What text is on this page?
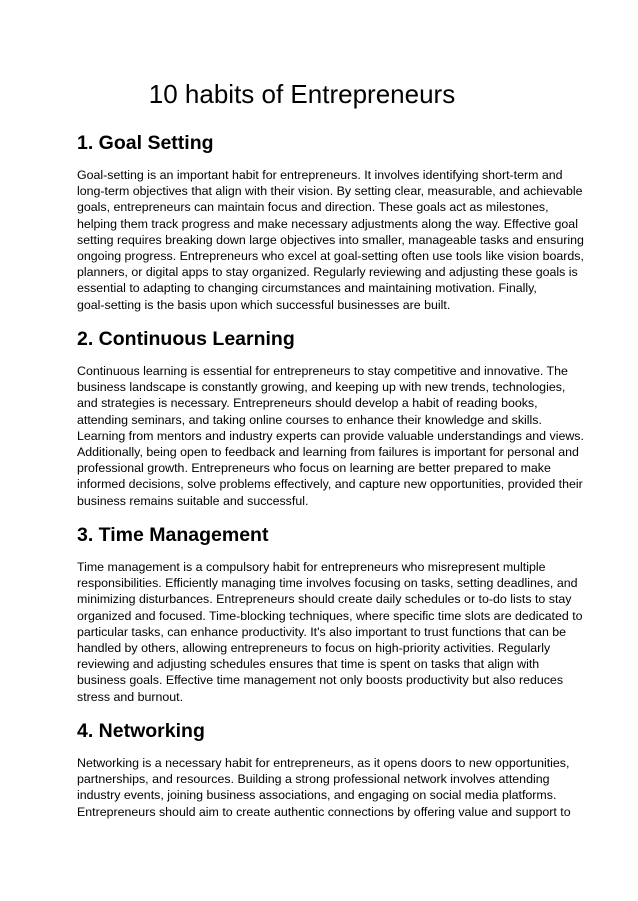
10 habits of Entrepreneurs
1. Goal Setting
Goal-setting is an important habit for entrepreneurs. It involves identifying short-term and
long-term objectives that align with their vision. By setting clear, measurable, and achievable
goals, entrepreneurs can maintain focus and direction. These goals act as milestones,
helping them track progress and make necessary adjustments along the way. Effective goal
setting requires breaking down large objectives into smaller, manageable tasks and ensuring
ongoing progress. Entrepreneurs who excel at goal-setting often use tools like vision boards,
planners, or digital apps to stay organized. Regularly reviewing and adjusting these goals is
essential to adapting to changing circumstances and maintaining motivation. Finally,
goal-setting is the basis upon which successful businesses are built.
2. Continuous Learning
Continuous learning is essential for entrepreneurs to stay competitive and innovative. The
business landscape is constantly growing, and keeping up with new trends, technologies,
and strategies is necessary. Entrepreneurs should develop a habit of reading books,
attending seminars, and taking online courses to enhance their knowledge and skills.
Learning from mentors and industry experts can provide valuable understandings and views.
Additionally, being open to feedback and learning from failures is important for personal and
professional growth. Entrepreneurs who focus on learning are better prepared to make
informed decisions, solve problems effectively, and capture new opportunities, provided their
business remains suitable and successful.
3. Time Management
Time management is a compulsory habit for entrepreneurs who misrepresent multiple
responsibilities. Efficiently managing time involves focusing on tasks, setting deadlines, and
minimizing disturbances. Entrepreneurs should create daily schedules or to-do lists to stay
organized and focused. Time-blocking techniques, where specific time slots are dedicated to
particular tasks, can enhance productivity. It's also important to trust functions that can be
handled by others, allowing entrepreneurs to focus on high-priority activities. Regularly
reviewing and adjusting schedules ensures that time is spent on tasks that align with
business goals. Effective time management not only boosts productivity but also reduces
stress and burnout.
4. Networking
Networking is a necessary habit for entrepreneurs, as it opens doors to new opportunities,
partnerships, and resources. Building a strong professional network involves attending
industry events, joining business associations, and engaging on social media platforms.
Entrepreneurs should aim to create authentic connections by offering value and support to
